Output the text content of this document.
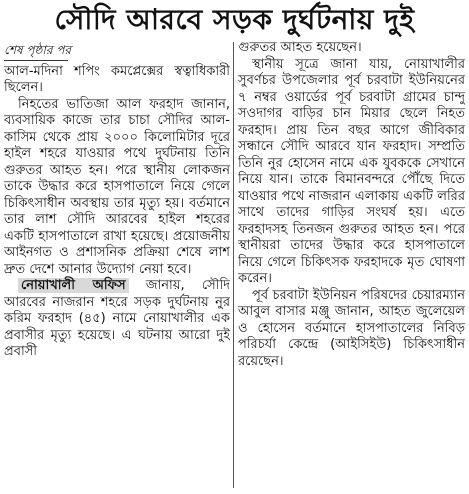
সৌদি আরবে সড়ক দুর্ঘটনায় দুই
শেষ পৃষ্ঠার পর

আল-মদিনা শপিং কমপ্লেক্সের স্বত্বাধিকারী ছিলেন।

নিহতের ভাতিজা আল ফরহাদ জানান, ব্যবসায়িক কাজে তার চাচা সৌদির আল-কাসিম থেকে প্রায় ২০০০ কিলোমিটার দূরে হাইল শহরে যাওয়ার পথে দুর্ঘটনায় তিনি গুরুতর আহত হন। পরে স্থানীয় লোকজন তাকে উদ্ধার করে হাসপাতালে নিয়ে গেলে চিকিৎসাধীন অবস্থায় তার মৃত্যু হয়। বর্তমানে তার লাশ সৌদি আরবের হাইল শহরের একটি হাসপাতালে রাখা হয়েছে। প্রয়োজনীয় আইনগত ও প্রশাসনিক প্রক্রিয়া শেষে লাশ দ্রুত দেশে আনার উদ্যোগ নেয়া হবে।

নোয়াখালী অফিস জানায়, সৌদি আরবের নাজরান শহরে সড়ক দুর্ঘটনায় নুর করিম ফরহাদ (৪৫) নামে নোয়াখালীর এক প্রবাসীর মৃত্যু হয়েছে। এ ঘটনায় আরো দুই প্রবাসী

গুরুতর আহত হয়েছেন।

স্থানীয় সূত্রে জানা যায়, নোয়াখালীর সুবর্ণচর উপজেলার পূর্ব চরবাটা ইউনিয়নের ৭ নম্বর ওয়ার্ডের পূর্ব চরবাটা গ্রামের চান্দু সওদাগর বাড়ির চান মিয়ার ছেলে নিহত ফরহাদ। প্রায় তিন বছর আগে জীবিকার সন্ধানে সৌদি আরবে যান ফরহাদ। সম্প্রতি তিনি নুর হোসেন নামে এক যুবককে সেখানে নিয়ে যান। তাকে বিমানবন্দরে পৌঁছে দিতে যাওয়ার পথে নাজরান এলাকায় একটি লরির সাথে তাদের গাড়ির সংঘর্ষ হয়। এতে ফরহাদসহ তিনজন গুরুতর আহত হন। পরে স্থানীয়রা তাদের উদ্ধার করে হাসপাতালে নিয়ে গেলে চিকিৎসক ফরহাদকে মৃত ঘোষণা করেন।

পূর্ব চরবাটা ইউনিয়ন পরিষদের চেয়ারম্যান আবুল বাসার মঞ্জু জানান, আহত জুলেয়েল ও হোসেন বর্তমানে হাসপাতালের নিবিড় পরিচর্যা কেন্দ্রে (আইসিইউ) চিকিৎসাধীন রয়েছেন।
